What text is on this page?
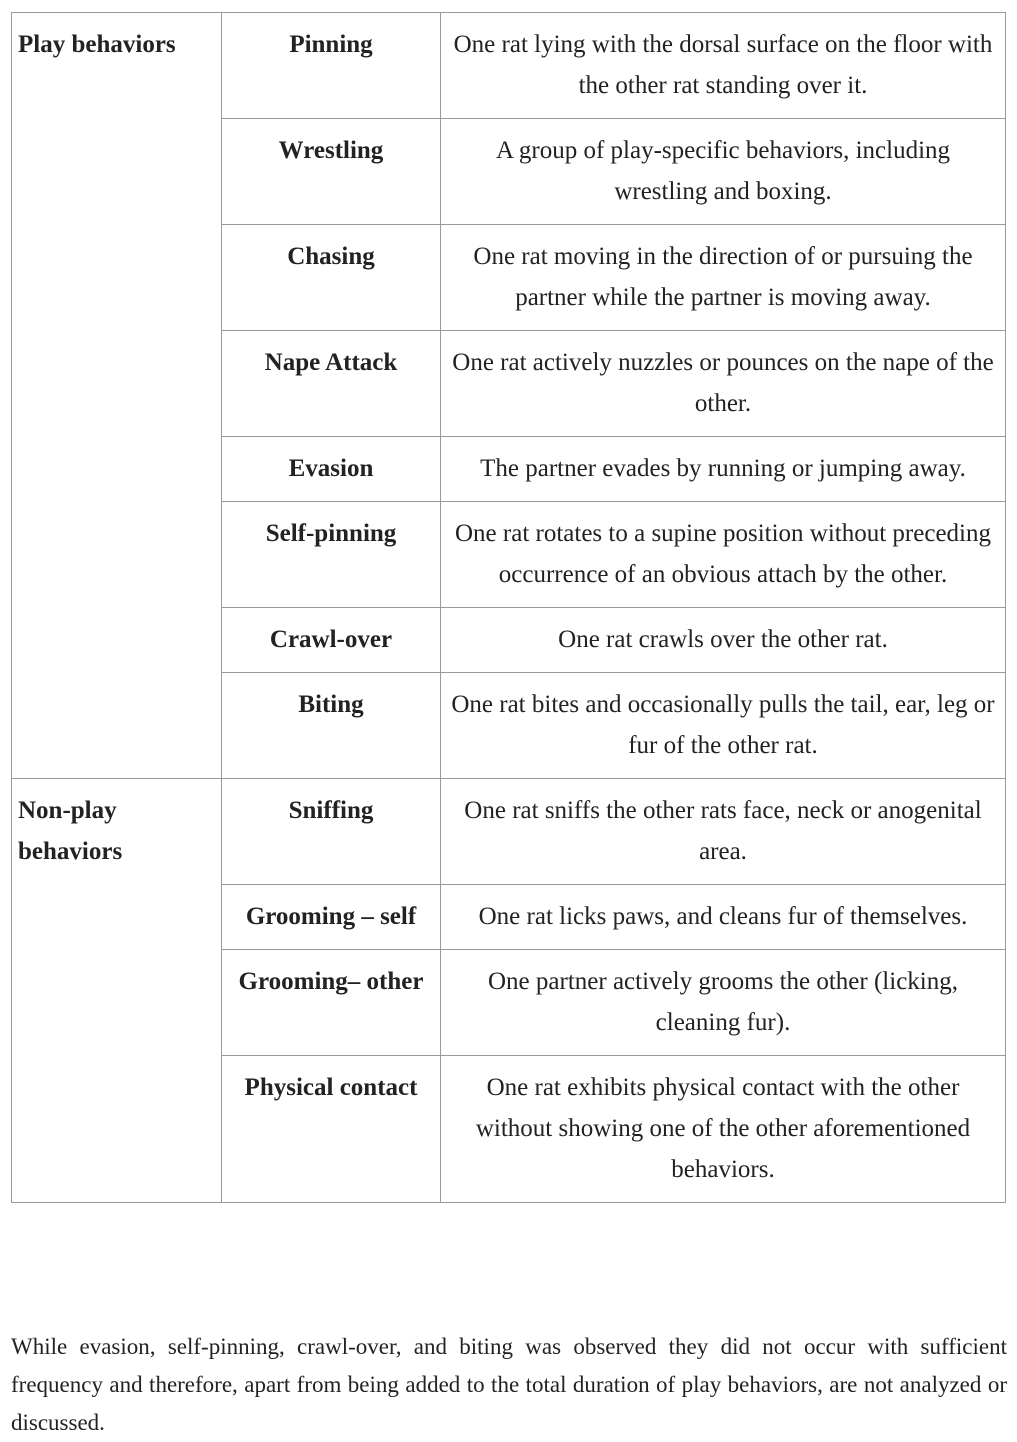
Play behaviors	Pinning	One rat lying with the dorsal surface on the floor with the other rat standing over it.
	Wrestling	A group of play-specific behaviors, including wrestling and boxing.
	Chasing	One rat moving in the direction of or pursuing the partner while the partner is moving away.
	Nape Attack	One rat actively nuzzles or pounces on the nape of the other.
	Evasion	The partner evades by running or jumping away.
	Self-pinning	One rat rotates to a supine position without preceding occurrence of an obvious attach by the other.
	Crawl-over	One rat crawls over the other rat.
	Biting	One rat bites and occasionally pulls the tail, ear, leg or fur of the other rat.
Non-play behaviors	Sniffing	One rat sniffs the other rats face, neck or anogenital area.
	Grooming – self	One rat licks paws, and cleans fur of themselves.
	Grooming– other	One partner actively grooms the other (licking, cleaning fur).
	Physical contact	One rat exhibits physical contact with the other without showing one of the other aforementioned behaviors.

While evasion, self-pinning, crawl-over, and biting was observed they did not occur with sufficient frequency and therefore, apart from being added to the total duration of play behaviors, are not analyzed or discussed.
